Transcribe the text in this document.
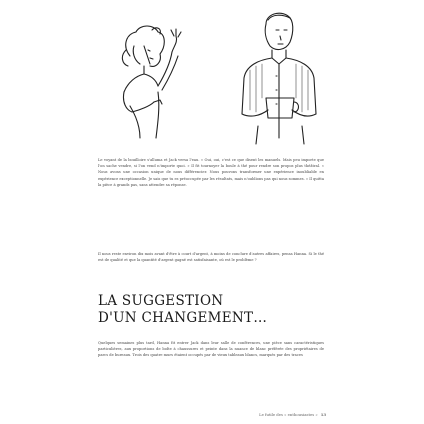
Le voyant de la bouilloire s'alluma et Jack versa l'eau. « Oui, oui, c'est ce que disent les manuels. Mais peu importe que l'on sache vendre, si l'on vend n'importe quoi. » Il fit tournoyer la boule à thé pour rendre son propos plus théâtral. « Nous avons une occasion unique de nous différencier. Nous pouvons transformer une expérience inoubliable en expérience exceptionnelle. Je sais que tu es préoccupée par les résultats, mais n'oublions pas qui nous sommes. » Il quitta la pièce à grands pas, sans attendre sa réponse.
Il nous reste environ dix mois avant d'être à court d'argent, à moins de conclure d'autres affaires, pensa Hanna. Si le thé est de qualité et que la quantité d'argent gagné est satisfaisante, où est le problème ?
LA SUGGESTION
D'UN CHANGEMENT…
Quelques semaines plus tard, Hanna fit entrer Jack dans leur salle de conférences, une pièce sans caractéristiques particulières, aux proportions de boîte à chaussures et peinte dans la nuance de blanc préférée des propriétaires de parcs de bureaux. Trois des quatre murs étaient occupés par de vieux tableaux blancs, marqués par des traces
Le futile des « enthousiastes » 13
